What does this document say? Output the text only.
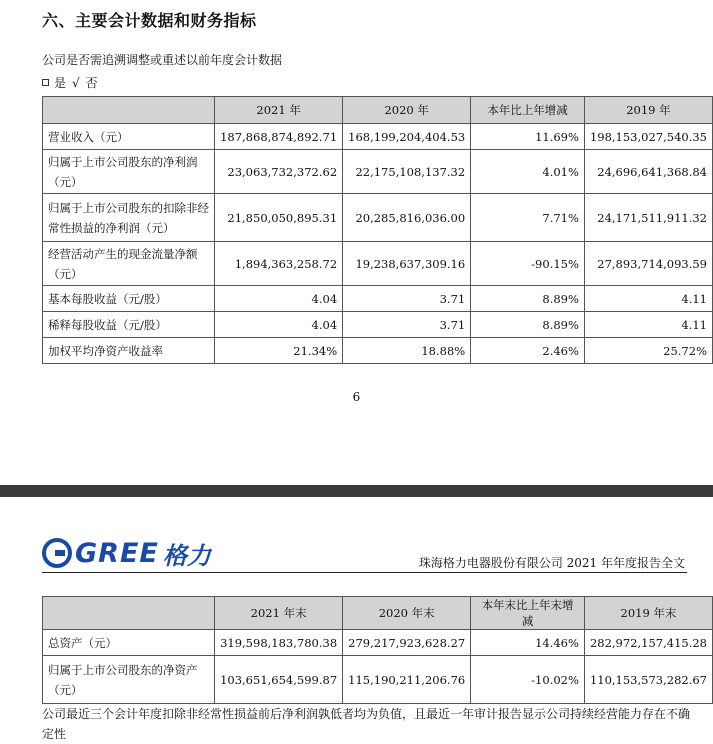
六、主要会计数据和财务指标
公司是否需追溯调整或重述以前年度会计数据
是 √ 否
	2021 年	2020 年	本年比上年增减	2019 年
营业收入（元）	187,868,874,892.71	168,199,204,404.53	11.69%	198,153,027,540.35
归属于上市公司股东的净利润（元）	23,063,732,372.62	22,175,108,137.32	4.01%	24,696,641,368.84
归属于上市公司股东的扣除非经常性损益的净利润（元）	21,850,050,895.31	20,285,816,036.00	7.71%	24,171,511,911.32
经营活动产生的现金流量净额（元）	1,894,363,258.72	19,238,637,309.16	-90.15%	27,893,714,093.59
基本每股收益（元/股）	4.04	3.71	8.89%	4.11
稀释每股收益（元/股）	4.04	3.71	8.89%	4.11
加权平均净资产收益率	21.34%	18.88%	2.46%	25.72%
6
GREE 格力	珠海格力电器股份有限公司 2021 年年度报告全文
	2021 年末	2020 年末	本年末比上年末增减	2019 年末
总资产（元）	319,598,183,780.38	279,217,923,628.27	14.46%	282,972,157,415.28
归属于上市公司股东的净资产（元）	103,651,654,599.87	115,190,211,206.76	-10.02%	110,153,573,282.67
公司最近三个会计年度扣除非经常性损益前后净利润孰低者均为负值，且最近一年审计报告显示公司持续经营能力存在不确定性
